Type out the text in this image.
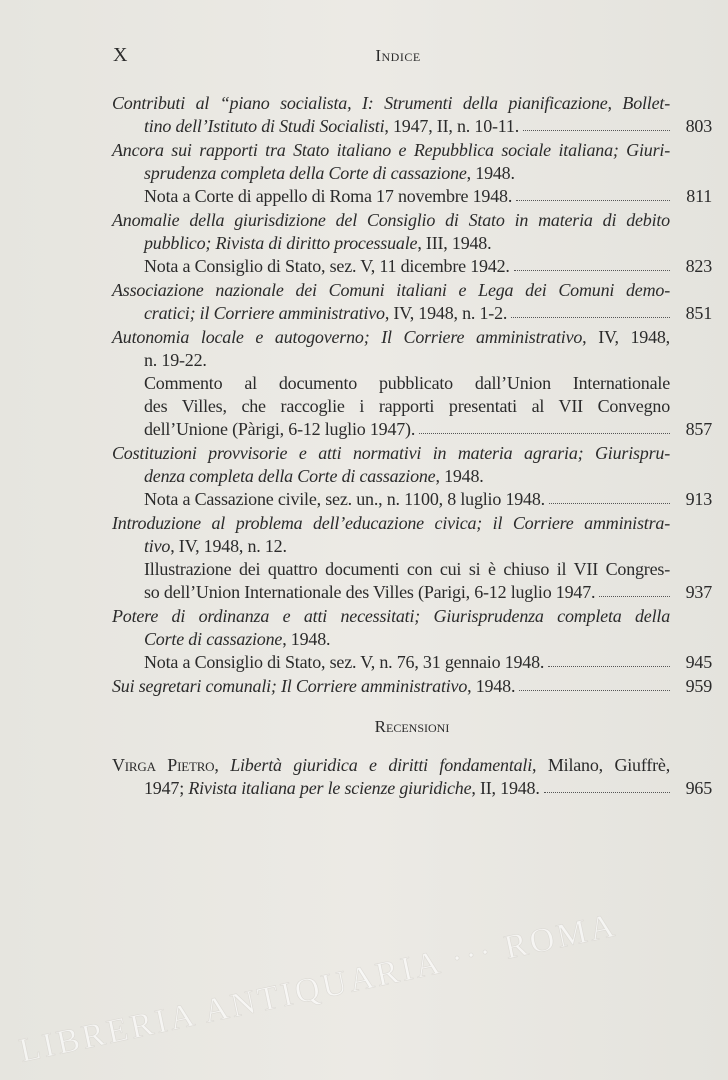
X	Indice
Contributi al “piano socialista, I: Strumenti della pianificazione, Bollet-
tino dell’Istituto di Studi Socialisti, 1947, II, n. 10-11.	803
Ancora sui rapporti tra Stato italiano e Repubblica sociale italiana; Giuri-
sprudenza completa della Corte di cassazione, 1948.
Nota a Corte di appello di Roma 17 novembre 1948.	811
Anomalie della giurisdizione del Consiglio di Stato in materia di debito
pubblico; Rivista di diritto processuale, III, 1948.
Nota a Consiglio di Stato, sez. V, 11 dicembre 1942.	823
Associazione nazionale dei Comuni italiani e Lega dei Comuni demo-
cratici; il Corriere amministrativo, IV, 1948, n. 1-2.	851
Autonomia locale e autogoverno; Il Corriere amministrativo, IV, 1948,
n. 19-22.
Commento al documento pubblicato dall’Union Internationale
des Villes, che raccoglie i rapporti presentati al VII Convegno
dell’Unione (Pàrigi, 6-12 luglio 1947).	857
Costituzioni provvisorie e atti normativi in materia agraria; Giurispru-
denza completa della Corte di cassazione, 1948.
Nota a Cassazione civile, sez. un., n. 1100, 8 luglio 1948.	913
Introduzione al problema dell’educazione civica; il Corriere amministra-
tivo, IV, 1948, n. 12.
Illustrazione dei quattro documenti con cui si è chiuso il VII Congres-
so dell’Union Internationale des Villes (Parigi, 6-12 luglio 1947.	937
Potere di ordinanza e atti necessitati; Giurisprudenza completa della
Corte di cassazione, 1948.
Nota a Consiglio di Stato, sez. V, n. 76, 31 gennaio 1948.	945
Sui segretari comunali; Il Corriere amministrativo, 1948.	959
Recensioni
Virga Pietro, Libertà giuridica e diritti fondamentali, Milano, Giuffrè,
1947; Rivista italiana per le scienze giuridiche, II, 1948.	965
LIBRERIA ANTIQUARIA ··· ROMA
